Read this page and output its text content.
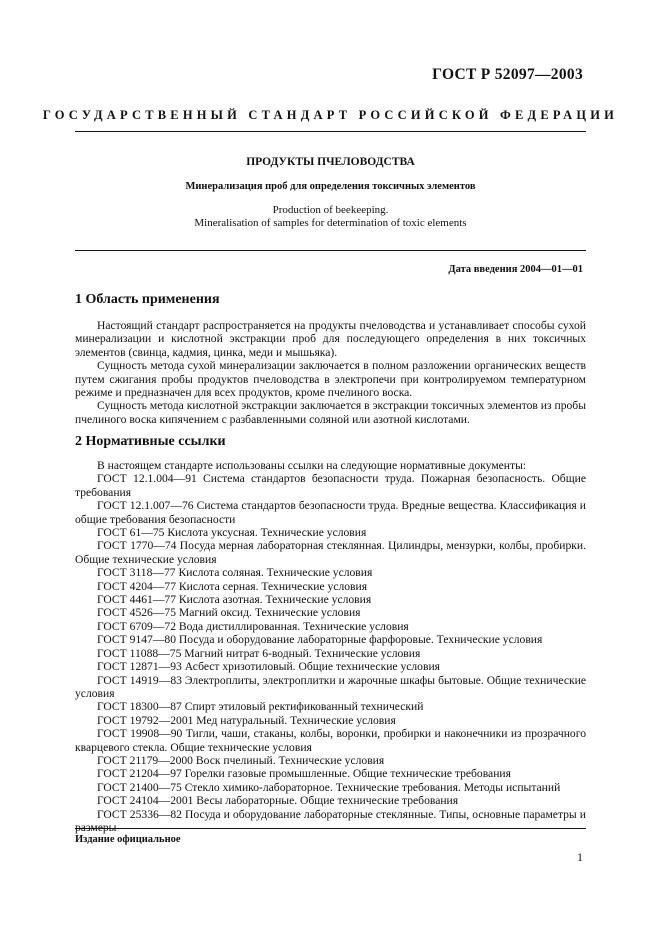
ГОСТ Р 52097—2003
ГОСУДАРСТВЕННЫЙ СТАНДАРТ РОССИЙСКОЙ ФЕДЕРАЦИИ
ПРОДУКТЫ ПЧЕЛОВОДСТВА
Минерализация проб для определения токсичных элементов
Production of beekeeping.
Mineralisation of samples for determination of toxic elements
Дата введения 2004—01—01
1 Область применения

Настоящий стандарт распространяется на продукты пчеловодства и устанавливает способы сухой минерализации и кислотной экстракции проб для последующего определения в них токсичных элементов (свинца, кадмия, цинка, меди и мышьяка).

Сущность метода сухой минерализации заключается в полном разложении органических веществ путем сжигания пробы продуктов пчеловодства в электропечи при контролируемом температурном режиме и предназначен для всех продуктов, кроме пчелиного воска.

Сущность метода кислотной экстракции заключается в экстракции токсичных элементов из пробы пчелиного воска кипячением с разбавленными соляной или азотной кислотами.

2 Нормативные ссылки

В настоящем стандарте использованы ссылки на следующие нормативные документы:

ГОСТ 12.1.004—91 Система стандартов безопасности труда. Пожарная безопасность. Общие требования
ГОСТ 12.1.007—76 Система стандартов безопасности труда. Вредные вещества. Классификация и общие требования безопасности
ГОСТ 61—75 Кислота уксусная. Технические условия
ГОСТ 1770—74 Посуда мерная лабораторная стеклянная. Цилиндры, мензурки, колбы, пробирки. Общие технические условия
ГОСТ 3118—77 Кислота соляная. Технические условия
ГОСТ 4204—77 Кислота серная. Технические условия
ГОСТ 4461—77 Кислота азотная. Технические условия
ГОСТ 4526—75 Магний оксид. Технические условия
ГОСТ 6709—72 Вода дистиллированная. Технические условия
ГОСТ 9147—80 Посуда и оборудование лабораторные фарфоровые. Технические условия
ГОСТ 11088—75 Магний нитрат 6-водный. Технические условия
ГОСТ 12871—93 Асбест хризотиловый. Общие технические условия
ГОСТ 14919—83 Электроплиты, электроплитки и жарочные шкафы бытовые. Общие технические условия
ГОСТ 18300—87 Спирт этиловый ректификованный технический
ГОСТ 19792—2001 Мед натуральный. Технические условия
ГОСТ 19908—90 Тигли, чаши, стаканы, колбы, воронки, пробирки и наконечники из прозрачного кварцевого стекла. Общие технические условия
ГОСТ 21179—2000 Воск пчелиный. Технические условия
ГОСТ 21204—97 Горелки газовые промышленные. Общие технические требования
ГОСТ 21400—75 Стекло химико-лабораторное. Технические требования. Методы испытаний
ГОСТ 24104—2001 Весы лабораторные. Общие технические требования
ГОСТ 25336—82 Посуда и оборудование лабораторные стеклянные. Типы, основные параметры и размеры
Издание официальное
1
